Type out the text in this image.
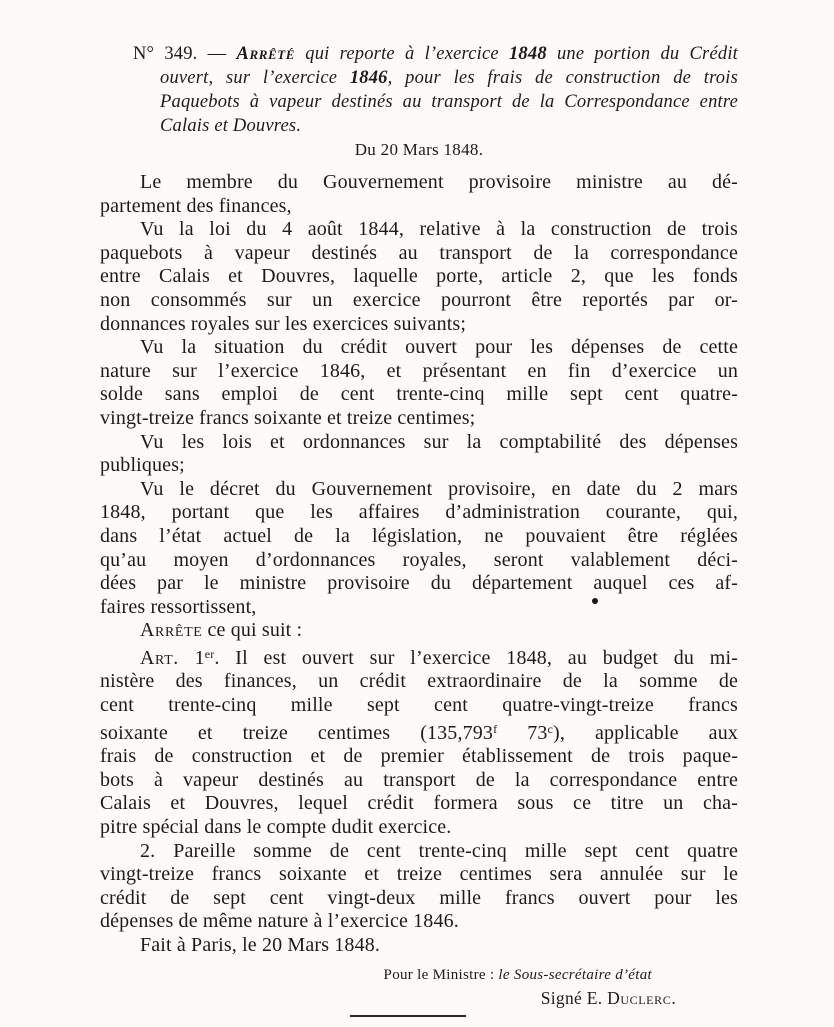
N° 349. — Arrêté qui reporte à l’exercice 1848 une portion du Crédit
ouvert, sur l’exercice 1846, pour les frais de construction de trois
Paquebots à vapeur destinés au transport de la Correspondance entre
Calais et Douvres.
Du 20 Mars 1848.
Le membre du Gouvernement provisoire ministre au dé-
partement des finances,
Vu la loi du 4 août 1844, relative à la construction de trois
paquebots à vapeur destinés au transport de la correspondance
entre Calais et Douvres, laquelle porte, article 2, que les fonds
non consommés sur un exercice pourront être reportés par or-
donnances royales sur les exercices suivants;
Vu la situation du crédit ouvert pour les dépenses de cette
nature sur l’exercice 1846, et présentant en fin d’exercice un
solde sans emploi de cent trente-cinq mille sept cent quatre-
vingt-treize francs soixante et treize centimes;
Vu les lois et ordonnances sur la comptabilité des dépenses
publiques;
Vu le décret du Gouvernement provisoire, en date du 2 mars
1848, portant que les affaires d’administration courante, qui,
dans l’état actuel de la législation, ne pouvaient être réglées
qu’au moyen d’ordonnances royales, seront valablement déci-
dées par le ministre provisoire du département auquel ces af-
faires ressortissent,
Arrête ce qui suit :
Art. 1er. Il est ouvert sur l’exercice 1848, au budget du mi-
nistère des finances, un crédit extraordinaire de la somme de
cent trente-cinq mille sept cent quatre-vingt-treize francs
soixante et treize centimes (135,793$^f$ 73$^c$), applicable aux
frais de construction et de premier établissement de trois paque-
bots à vapeur destinés au transport de la correspondance entre
Calais et Douvres, lequel crédit formera sous ce titre un cha-
pitre spécial dans le compte dudit exercice.
2. Pareille somme de cent trente-cinq mille sept cent quatre
vingt-treize francs soixante et treize centimes sera annulée sur le
crédit de sept cent vingt-deux mille francs ouvert pour les
dépenses de même nature à l’exercice 1846.
Fait à Paris, le 20 Mars 1848.
Pour le Ministre : le Sous-secrétaire d’état
Signé E. Duclerc.
